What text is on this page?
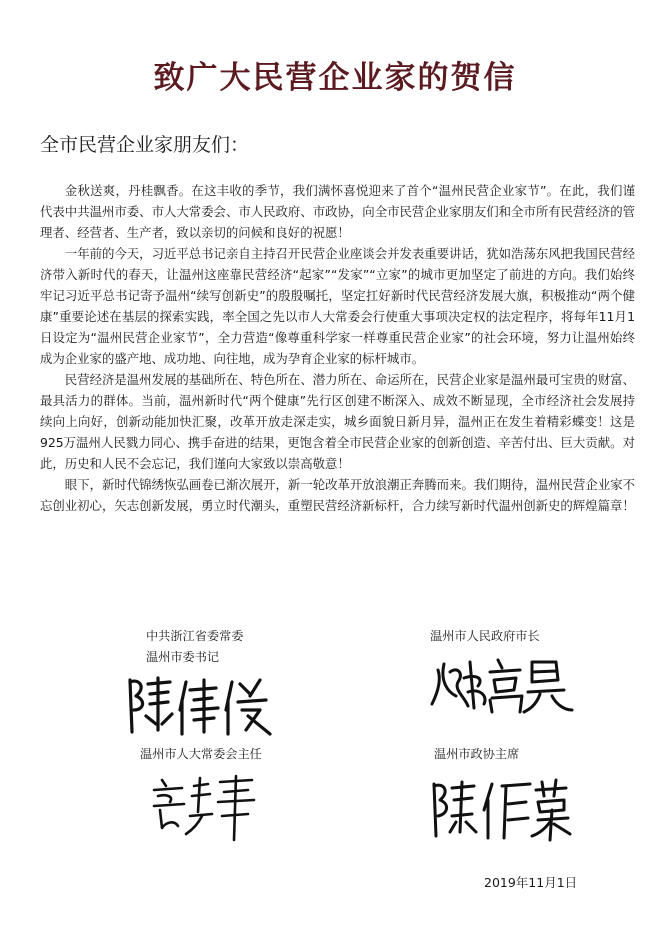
致广大民营企业家的贺信
全市民营企业家朋友们：

金秋送爽，丹桂飘香。在这丰收的季节，我们满怀喜悦迎来了首个“温州民营企业家节”。在此，我们谨代表中共温州市委、市人大常委会、市人民政府、市政协，向全市民营企业家朋友们和全市所有民营经济的管理者、经营者、生产者，致以亲切的问候和良好的祝愿！

一年前的今天，习近平总书记亲自主持召开民营企业座谈会并发表重要讲话，犹如浩荡东风把我国民营经济带入新时代的春天，让温州这座靠民营经济“起家”“发家”“立家”的城市更加坚定了前进的方向。我们始终牢记习近平总书记寄予温州“续写创新史”的殷殷嘱托，坚定扛好新时代民营经济发展大旗，积极推动“两个健康”重要论述在基层的探索实践，率全国之先以市人大常委会行使重大事项决定权的法定程序，将每年11月1日设定为“温州民营企业家节”，全力营造“像尊重科学家一样尊重民营企业家”的社会环境，努力让温州始终成为企业家的盛产地、成功地、向往地，成为孕育企业家的标杆城市。

民营经济是温州发展的基础所在、特色所在、潜力所在、命运所在，民营企业家是温州最可宝贵的财富、最具活力的群体。当前，温州新时代“两个健康”先行区创建不断深入、成效不断显现，全市经济社会发展持续向上向好，创新动能加快汇聚，改革开放走深走实，城乡面貌日新月异，温州正在发生着精彩蝶变！这是925万温州人民戮力同心、携手奋进的结果，更饱含着全市民营企业家的创新创造、辛苦付出、巨大贡献。对此，历史和人民不会忘记，我们谨向大家致以崇高敬意！

眼下，新时代锦绣恢弘画卷已渐次展开，新一轮改革开放浪潮正奔腾而来。我们期待，温州民营企业家不忘创业初心，矢志创新发展，勇立时代潮头，重塑民营经济新标杆，合力续写新时代温州创新史的辉煌篇章！

中共浙江省委常委
温州市委书记
温州市人民政府市长
温州市人大常委会主任	温州市政协主席
2019年11月1日
